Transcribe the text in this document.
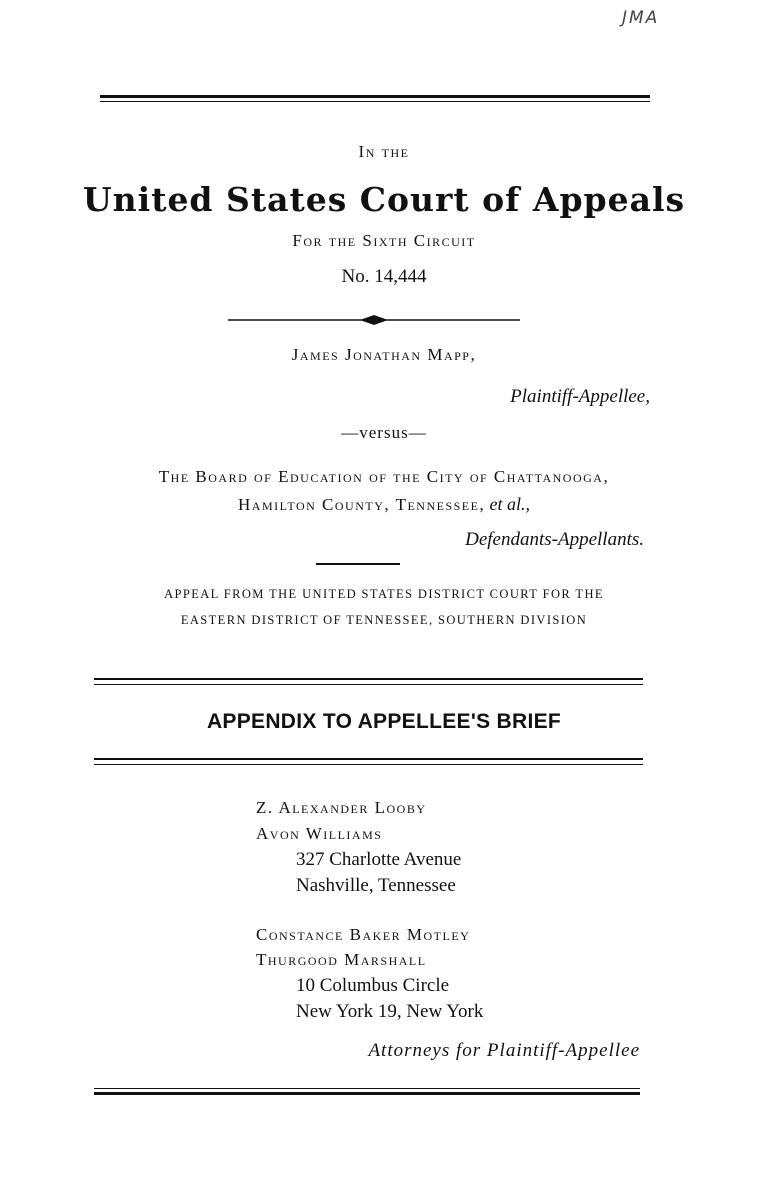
JMA
In the
United States Court of Appeals
For the Sixth Circuit
No. 14,444
James Jonathan Mapp,
Plaintiff-Appellee,
—versus—
The Board of Education of the City of Chattanooga,
Hamilton County, Tennessee, et al.,
Defendants-Appellants.
APPEAL FROM THE UNITED STATES DISTRICT COURT FOR THE
EASTERN DISTRICT OF TENNESSEE, SOUTHERN DIVISION
APPENDIX TO APPELLEE'S BRIEF
Z. Alexander Looby
Avon Williams
327 Charlotte Avenue
Nashville, Tennessee
Constance Baker Motley
Thurgood Marshall
10 Columbus Circle
New York 19, New York
Attorneys for Plaintiff-Appellee
